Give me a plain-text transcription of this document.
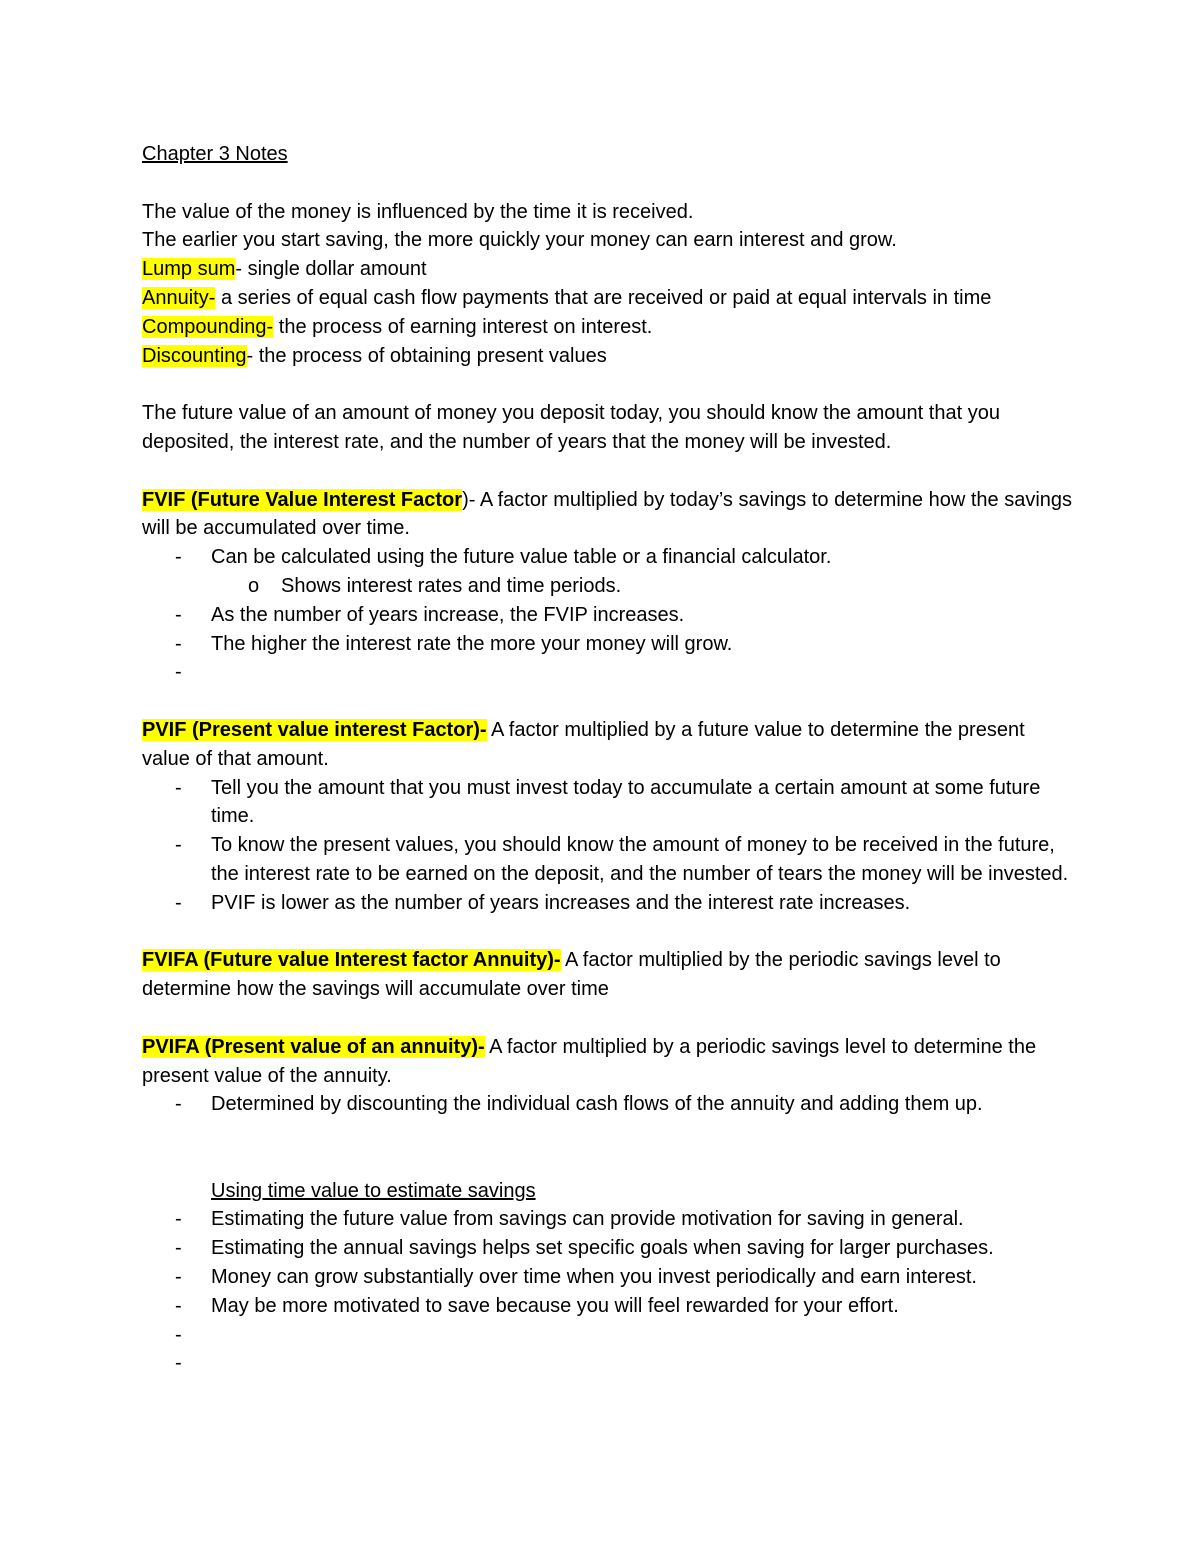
Chapter 3 Notes
The value of the money is influenced by the time it is received.
The earlier you start saving, the more quickly your money can earn interest and grow.
Lump sum- single dollar amount
Annuity- a series of equal cash flow payments that are received or paid at equal intervals in time
Compounding- the process of earning interest on interest.
Discounting- the process of obtaining present values
The future value of an amount of money you deposit today, you should know the amount that you deposited, the interest rate, and the number of years that the money will be invested.
FVIF (Future Value Interest Factor)- A factor multiplied by today’s savings to determine how the savings will be accumulated over time.
- Can be calculated using the future value table or a financial calculator.
o Shows interest rates and time periods.
- As the number of years increase, the FVIP increases.
- The higher the interest rate the more your money will grow.
-
PVIF (Present value interest Factor)- A factor multiplied by a future value to determine the present value of that amount.
- Tell you the amount that you must invest today to accumulate a certain amount at some future time.
- To know the present values, you should know the amount of money to be received in the future, the interest rate to be earned on the deposit, and the number of tears the money will be invested.
- PVIF is lower as the number of years increases and the interest rate increases.
FVIFA (Future value Interest factor Annuity)- A factor multiplied by the periodic savings level to determine how the savings will accumulate over time
PVIFA (Present value of an annuity)- A factor multiplied by a periodic savings level to determine the present value of the annuity.
- Determined by discounting the individual cash flows of the annuity and adding them up.
Using time value to estimate savings
- Estimating the future value from savings can provide motivation for saving in general.
- Estimating the annual savings helps set specific goals when saving for larger purchases.
- Money can grow substantially over time when you invest periodically and earn interest.
- May be more motivated to save because you will feel rewarded for your effort.
-
-
